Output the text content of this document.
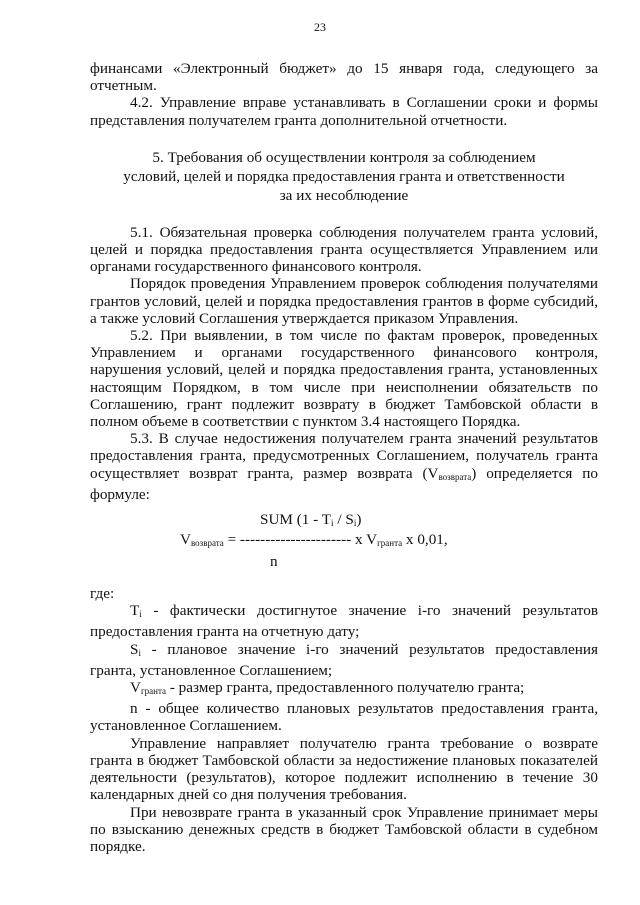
23

финансами «Электронный бюджет» до 15 января года, следующего за отчетным.

4.2. Управление вправе устанавливать в Соглашении сроки и формы представления получателем гранта дополнительной отчетности.

5. Требования об осуществлении контроля за соблюдением

условий, целей и порядка предоставления гранта и ответственности

за их несоблюдение

5.1. Обязательная проверка соблюдения получателем гранта условий, целей и порядка предоставления гранта осуществляется Управлением или органами государственного финансового контроля.

Порядок проведения Управлением проверок соблюдения получателями грантов условий, целей и порядка предоставления грантов в форме субсидий, а также условий Соглашения утверждается приказом Управления.

5.2. При выявлении, в том числе по фактам проверок, проведенных Управлением и органами государственного финансового контроля, нарушения условий, целей и порядка предоставления гранта, установленных настоящим Порядком, в том числе при неисполнении обязательств по Соглашению, грант подлежит возврату в бюджет Тамбовской области в полном объеме в соответствии с пунктом 3.4 настоящего Порядка.

5.3. В случае недостижения получателем гранта значений результатов предоставления гранта, предусмотренных Соглашением, получатель гранта осуществляет возврат гранта, размер возврата $(V_{возврата})$ определяется по формуле:

SUM $(1 - T_i / S_i)$
$V_{возврата}$ = ---------------------- x $V_{гранта}$ x 0,01,
n

где:

$T_i$ - фактически достигнутое значение i-го значений результатов предоставления гранта на отчетную дату;

$S_i$ - плановое значение i-го значений результатов предоставления гранта, установленное Соглашением;

$V_{гранта}$ - размер гранта, предоставленного получателю гранта;

n - общее количество плановых результатов предоставления гранта, установленное Соглашением.

Управление направляет получателю гранта требование о возврате гранта в бюджет Тамбовской области за недостижение плановых показателей деятельности (результатов), которое подлежит исполнению в течение 30 календарных дней со дня получения требования.

При невозврате гранта в указанный срок Управление принимает меры по взысканию денежных средств в бюджет Тамбовской области в судебном порядке.
